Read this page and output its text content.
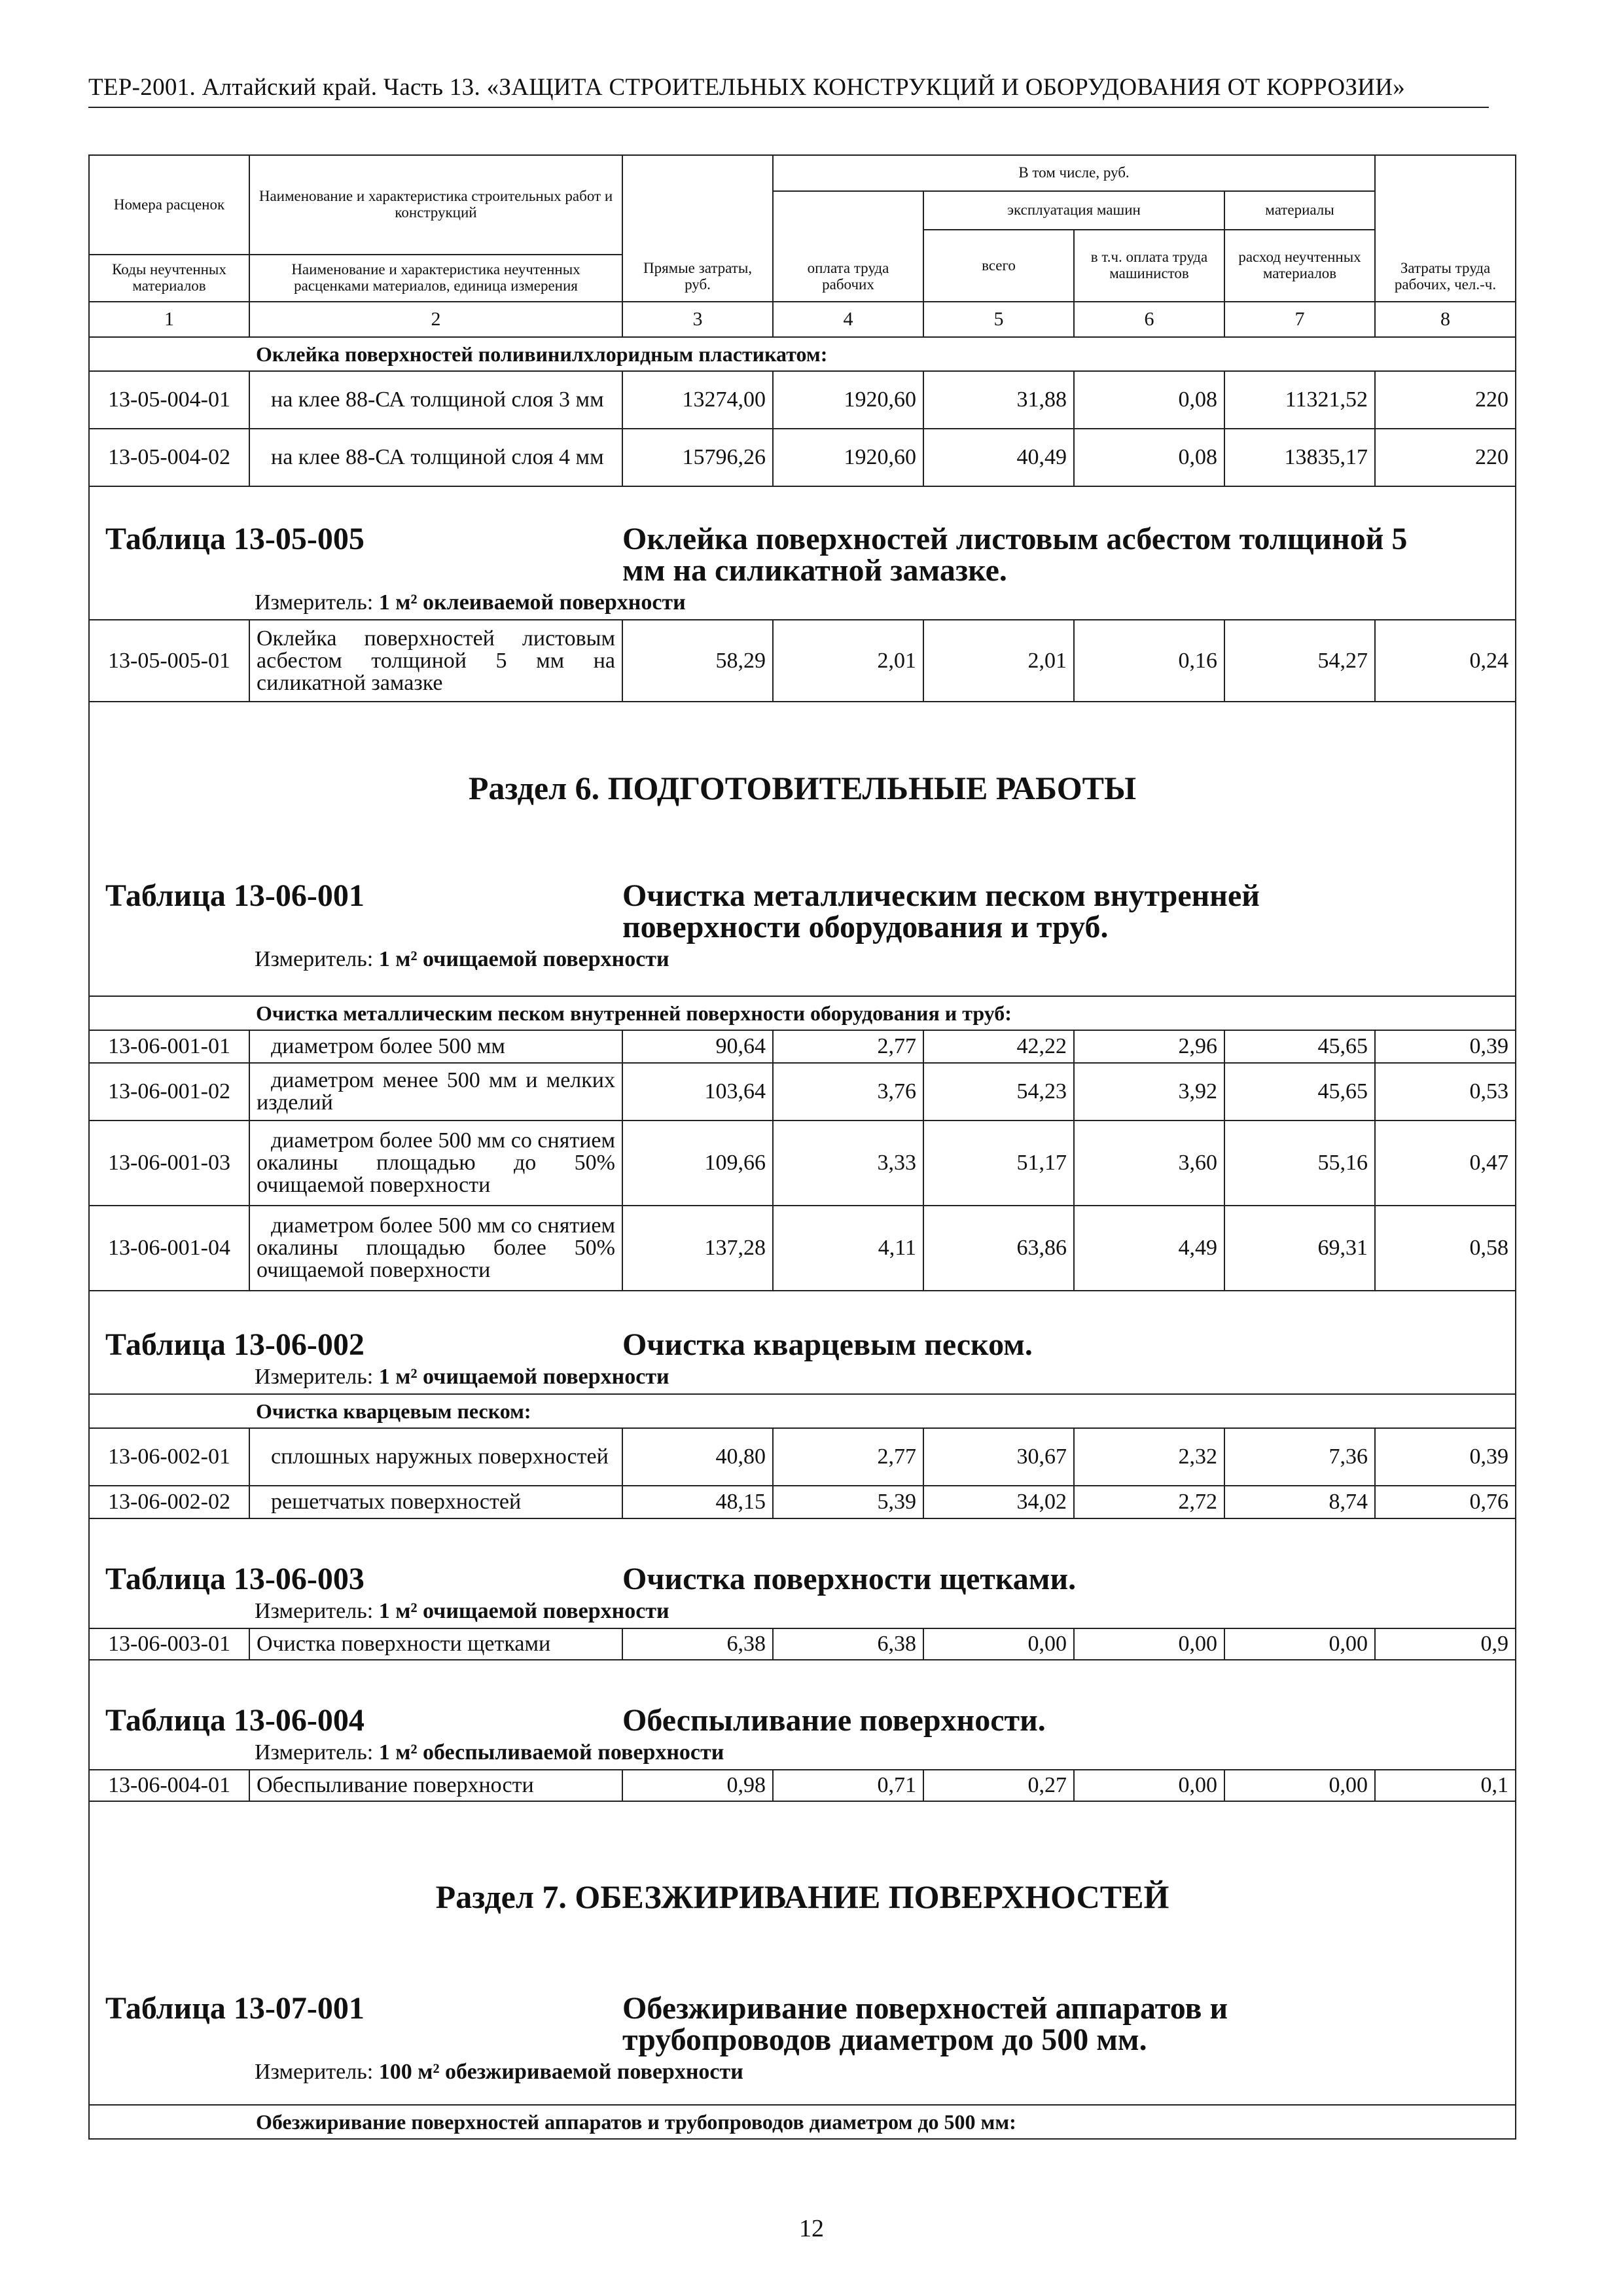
ТЕР-2001. Алтайский край. Часть 13. «ЗАЩИТА СТРОИТЕЛЬНЫХ КОНСТРУКЦИЙ И ОБОРУДОВАНИЯ ОТ КОРРОЗИИ»
Номера расценок	Наименование и характеристика строительных работ и конструкций	Прямые затраты, руб.	В том числе, руб.				Затраты труда рабочих, чел.-ч.
			оплата труда рабочих	эксплуатация машин		материалы	
				всего	в т.ч. оплата труда машинистов	расход неучтенных материалов	
Коды неучтенных материалов	Наименование и характеристика неучтенных расценками материалов, единица измерения						
1	2	3	4	5	6	7	8
	Оклейка поверхностей поливинилхлоридным пластикатом:						
13-05-004-01	на клее 88-СА толщиной слоя 3 мм	13274,00	1920,60	31,88	0,08	11321,52	220
13-05-004-02	на клее 88-СА толщиной слоя 4 мм	15796,26	1920,60	40,49	0,08	13835,17	220

Таблица 13-05-005 Оклейка поверхностей листовым асбестом толщиной 5 мм на силикатной замазке.
Измеритель: 1 м² оклеиваемой поверхности							

13-05-005-01	Оклейка поверхностей листовым асбестом толщиной 5 мм на силикатной замазке	58,29	2,01	2,01	0,16	54,27	0,24

Раздел 6. ПОДГОТОВИТЕЛЬНЫЕ РАБОТЫ
Таблица 13-06-001 Очистка металлическим песком внутренней поверхности оборудования и труб.
Измеритель: 1 м² очищаемой поверхности							

	Очистка металлическим песком внутренней поверхности оборудования и труб:						
13-06-001-01	диаметром более 500 мм	90,64	2,77	42,22	2,96	45,65	0,39
13-06-001-02	диаметром менее 500 мм и мелких изделий	103,64	3,76	54,23	3,92	45,65	0,53
13-06-001-03	диаметром более 500 мм со снятием окалины площадью до 50% очищаемой поверхности	109,66	3,33	51,17	3,60	55,16	0,47
13-06-001-04	диаметром более 500 мм со снятием окалины площадью более 50% очищаемой поверхности	137,28	4,11	63,86	4,49	69,31	0,58

Таблица 13-06-002 Очистка кварцевым песком.
Измеритель: 1 м² очищаемой поверхности							

	Очистка кварцевым песком:						
13-06-002-01	сплошных наружных поверхностей	40,80	2,77	30,67	2,32	7,36	0,39
13-06-002-02	решетчатых поверхностей	48,15	5,39	34,02	2,72	8,74	0,76

Таблица 13-06-003 Очистка поверхности щетками.
Измеритель: 1 м² очищаемой поверхности							

13-06-003-01	Очистка поверхности щетками	6,38	6,38	0,00	0,00	0,00	0,9

Таблица 13-06-004 Обеспыливание поверхности.
Измеритель: 1 м² обеспыливаемой поверхности							

13-06-004-01	Обеспыливание поверхности	0,98	0,71	0,27	0,00	0,00	0,1

Раздел 7. ОБЕЗЖИРИВАНИЕ ПОВЕРХНОСТЕЙ
Таблица 13-07-001 Обезжиривание поверхностей аппаратов и трубопроводов диаметром до 500 мм.
Измеритель: 100 м² обезжириваемой поверхности							

	Обезжиривание поверхностей аппаратов и трубопроводов диаметром до 500 мм:						
12
